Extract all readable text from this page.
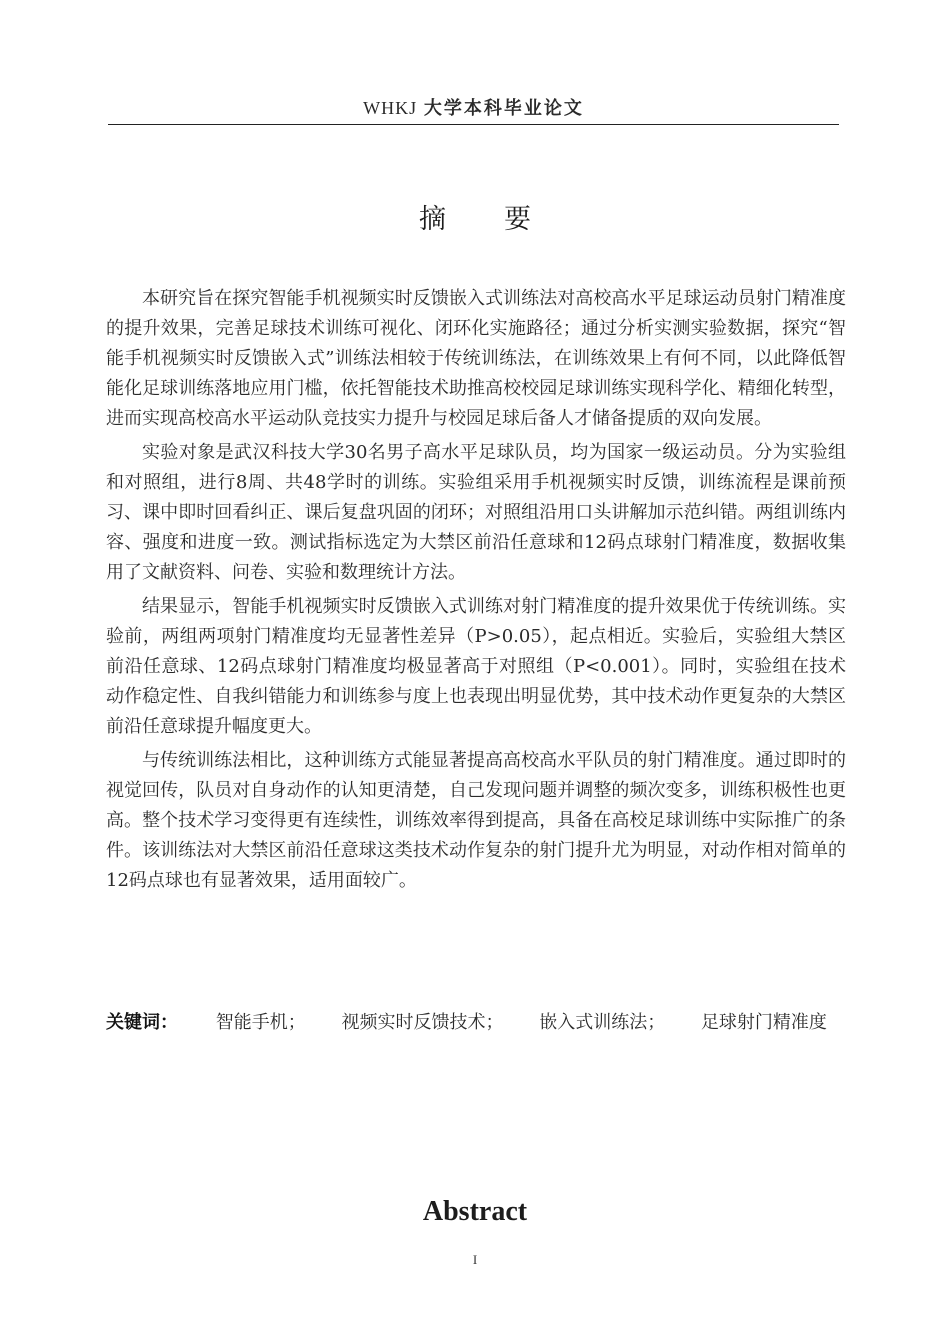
WHKJ 大学本科毕业论文
摘 要

本研究旨在探究智能手机视频实时反馈嵌入式训练法对高校高水平足球运动员射门精准度的提升效果，完善足球技术训练可视化、闭环化实施路径；通过分析实测实验数据，探究“智能手机视频实时反馈嵌入式”训练法相较于传统训练法，在训练效果上有何不同，以此降低智能化足球训练落地应用门槛，依托智能技术助推高校校园足球训练实现科学化、精细化转型，进而实现高校高水平运动队竞技实力提升与校园足球后备人才储备提质的双向发展。

实验对象是武汉科技大学30名男子高水平足球队员，均为国家一级运动员。分为实验组和对照组，进行8周、共48学时的训练。实验组采用手机视频实时反馈，训练流程是课前预习、课中即时回看纠正、课后复盘巩固的闭环；对照组沿用口头讲解加示范纠错。两组训练内容、强度和进度一致。测试指标选定为大禁区前沿任意球和12码点球射门精准度，数据收集用了文献资料、问卷、实验和数理统计方法。

结果显示，智能手机视频实时反馈嵌入式训练对射门精准度的提升效果优于传统训练。实验前，两组两项射门精准度均无显著性差异（P>0.05），起点相近。实验后，实验组大禁区前沿任意球、12码点球射门精准度均极显著高于对照组（P<0.001）。同时，实验组在技术动作稳定性、自我纠错能力和训练参与度上也表现出明显优势，其中技术动作更复杂的大禁区前沿任意球提升幅度更大。

与传统训练法相比，这种训练方式能显著提高高校高水平队员的射门精准度。通过即时的视觉回传，队员对自身动作的认知更清楚，自己发现问题并调整的频次变多，训练积极性也更高。整个技术学习变得更有连续性，训练效率得到提高，具备在高校足球训练中实际推广的条件。该训练法对大禁区前沿任意球这类技术动作复杂的射门提升尤为明显，对动作相对简单的12码点球也有显著效果，适用面较广。

关键词： 智能手机； 视频实时反馈技术； 嵌入式训练法； 足球射门精准度
Abstract
I
